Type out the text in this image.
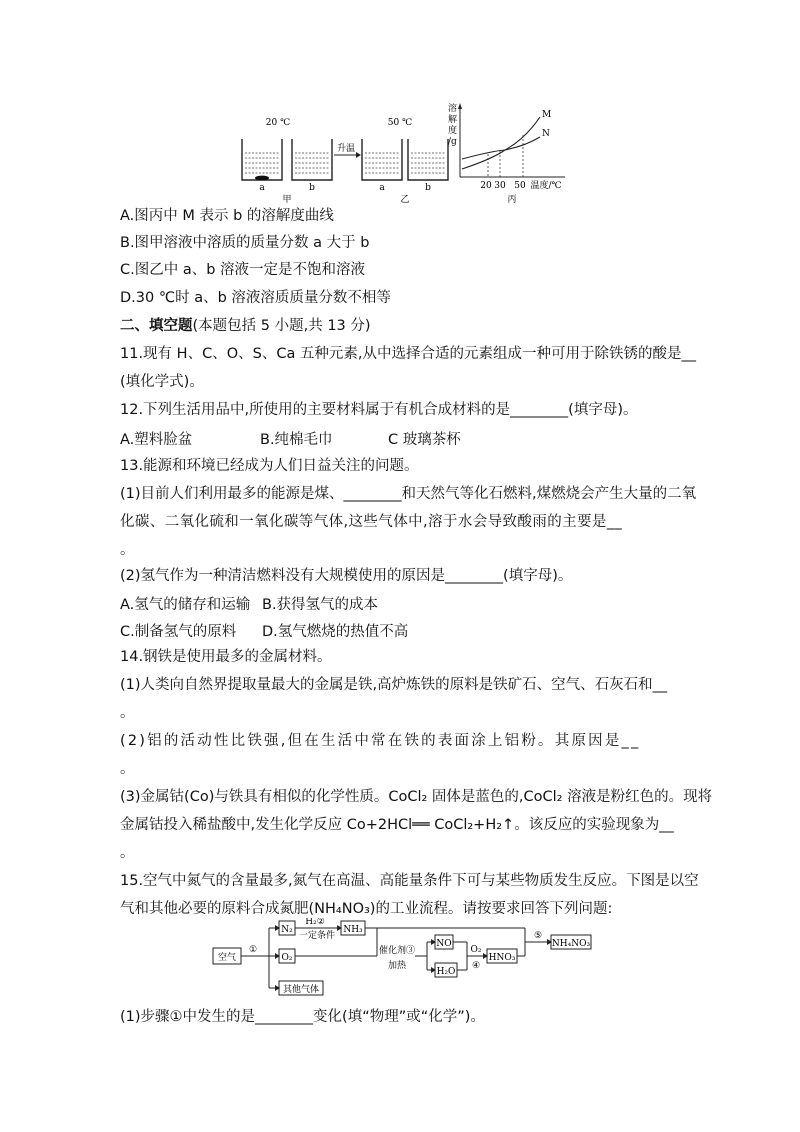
20 ℃	50 ℃
升温
a	b	a	b
甲	乙
溶
解
度
/g
M
N
20 30 50 温度/℃
丙
A.图丙中 M 表示 b 的溶解度曲线
B.图甲溶液中溶质的质量分数 a 大于 b
C.图乙中 a、b 溶液一定是不饱和溶液
D.30 ℃时 a、b 溶液溶质质量分数不相等
二、填空题(本题包括 5 小题,共 13 分)
11.现有 H、C、O、S、Ca 五种元素,从中选择合适的元素组成一种可用于除铁锈的酸是__
(填化学式)。
12.下列生活用品中,所使用的主要材料属于有机合成材料的是________(填字母)。
A.塑料脸盆	B.纯棉毛巾	C 玻璃茶杯
13.能源和环境已经成为人们日益关注的问题。
(1)目前人们利用最多的能源是煤、________和天然气等化石燃料,煤燃烧会产生大量的二氧
化碳、二氧化硫和一氧化碳等气体,这些气体中,溶于水会导致酸雨的主要是__
。
(2)氢气作为一种清洁燃料没有大规模使用的原因是________(填字母)。
A.氢气的储存和运输 B.获得氢气的成本
C.制备氢气的原料 D.氢气燃烧的热值不高
14.钢铁是使用最多的金属材料。
(1)人类向自然界提取量最大的金属是铁,高炉炼铁的原料是铁矿石、空气、石灰石和__
。
(2)铝的活动性比铁强,但在生活中常在铁的表面涂上铝粉。其原因是__
。
(3)金属钴(Co)与铁具有相似的化学性质。CoCl₂ 固体是蓝色的,CoCl₂ 溶液是粉红色的。现将
金属钴投入稀盐酸中,发生化学反应 Co+2HCl══ CoCl₂+H₂↑。该反应的实验现象为__
。
15.空气中氮气的含量最多,氮气在高温、高能量条件下可与某些物质发生反应。下图是以空
气和其他必要的原料合成氮肥(NH₄NO₃)的工业流程。请按要求回答下列问题:
空气
①
N₂
H₂②
一定条件
NH₃
O₂
其他气体
催化剂③
加热
NO
H₂O
O₂
④
HNO₃
⑤
NH₄NO₃
(1)步骤①中发生的是________变化(填“物理”或“化学”)。
